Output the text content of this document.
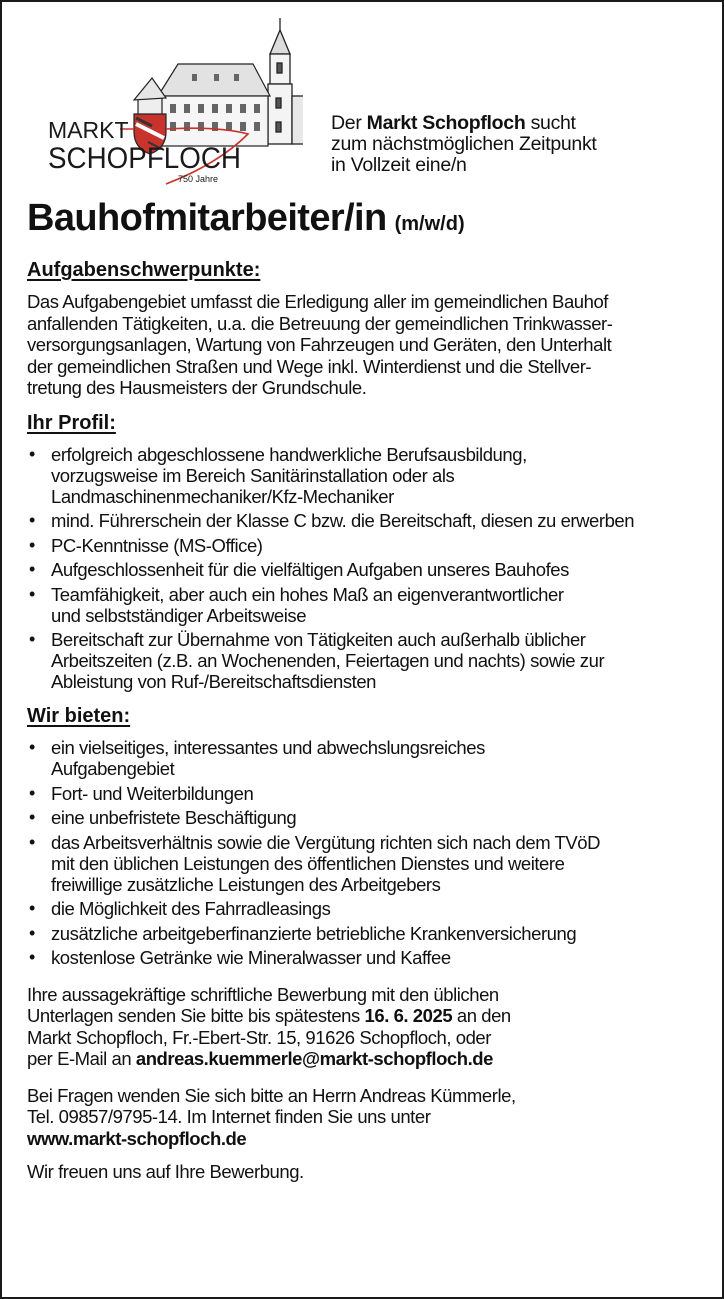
MARKT
SCHOPFLOCH
750 Jahre
Der Markt Schopfloch sucht
zum nächstmöglichen Zeitpunkt
in Vollzeit eine/n
Bauhofmitarbeiter/in (m/w/d)
Aufgabenschwerpunkte:

Das Aufgabengebiet umfasst die Erledigung aller im gemeindlichen Bauhof
anfallenden Tätigkeiten, u.a. die Betreuung der gemeindlichen Trinkwasser-
versorgungsanlagen, Wartung von Fahrzeugen und Geräten, den Unterhalt
der gemeindlichen Straßen und Wege inkl. Winterdienst und die Stellver-
tretung des Hausmeisters der Grundschule.

Ihr Profil:
• erfolgreich abgeschlossene handwerkliche Berufsausbildung,
vorzugsweise im Bereich Sanitärinstallation oder als
Landmaschinenmechaniker/Kfz-Mechaniker
• mind. Führerschein der Klasse C bzw. die Bereitschaft, diesen zu erwerben
• PC-Kenntnisse (MS-Office)
• Aufgeschlossenheit für die vielfältigen Aufgaben unseres Bauhofes
• Teamfähigkeit, aber auch ein hohes Maß an eigenverantwortlicher
und selbstständiger Arbeitsweise
• Bereitschaft zur Übernahme von Tätigkeiten auch außerhalb üblicher
Arbeitszeiten (z.B. an Wochenenden, Feiertagen und nachts) sowie zur
Ableistung von Ruf-/Bereitschaftsdiensten
Wir bieten:
• ein vielseitiges, interessantes und abwechslungsreiches
Aufgabengebiet
• Fort- und Weiterbildungen
• eine unbefristete Beschäftigung
• das Arbeitsverhältnis sowie die Vergütung richten sich nach dem TVöD
mit den üblichen Leistungen des öffentlichen Dienstes und weitere
freiwillige zusätzliche Leistungen des Arbeitgebers
• die Möglichkeit des Fahrradleasings
• zusätzliche arbeitgeberfinanzierte betriebliche Krankenversicherung
• kostenlose Getränke wie Mineralwasser und Kaffee

Ihre aussagekräftige schriftliche Bewerbung mit den üblichen
Unterlagen senden Sie bitte bis spätestens 16. 6. 2025 an den
Markt Schopfloch, Fr.-Ebert-Str. 15, 91626 Schopfloch, oder
per E-Mail an andreas.kuemmerle@markt-schopfloch.de

Bei Fragen wenden Sie sich bitte an Herrn Andreas Kümmerle,
Tel. 09857/9795-14. Im Internet finden Sie uns unter
www.markt-schopfloch.de

Wir freuen uns auf Ihre Bewerbung.
